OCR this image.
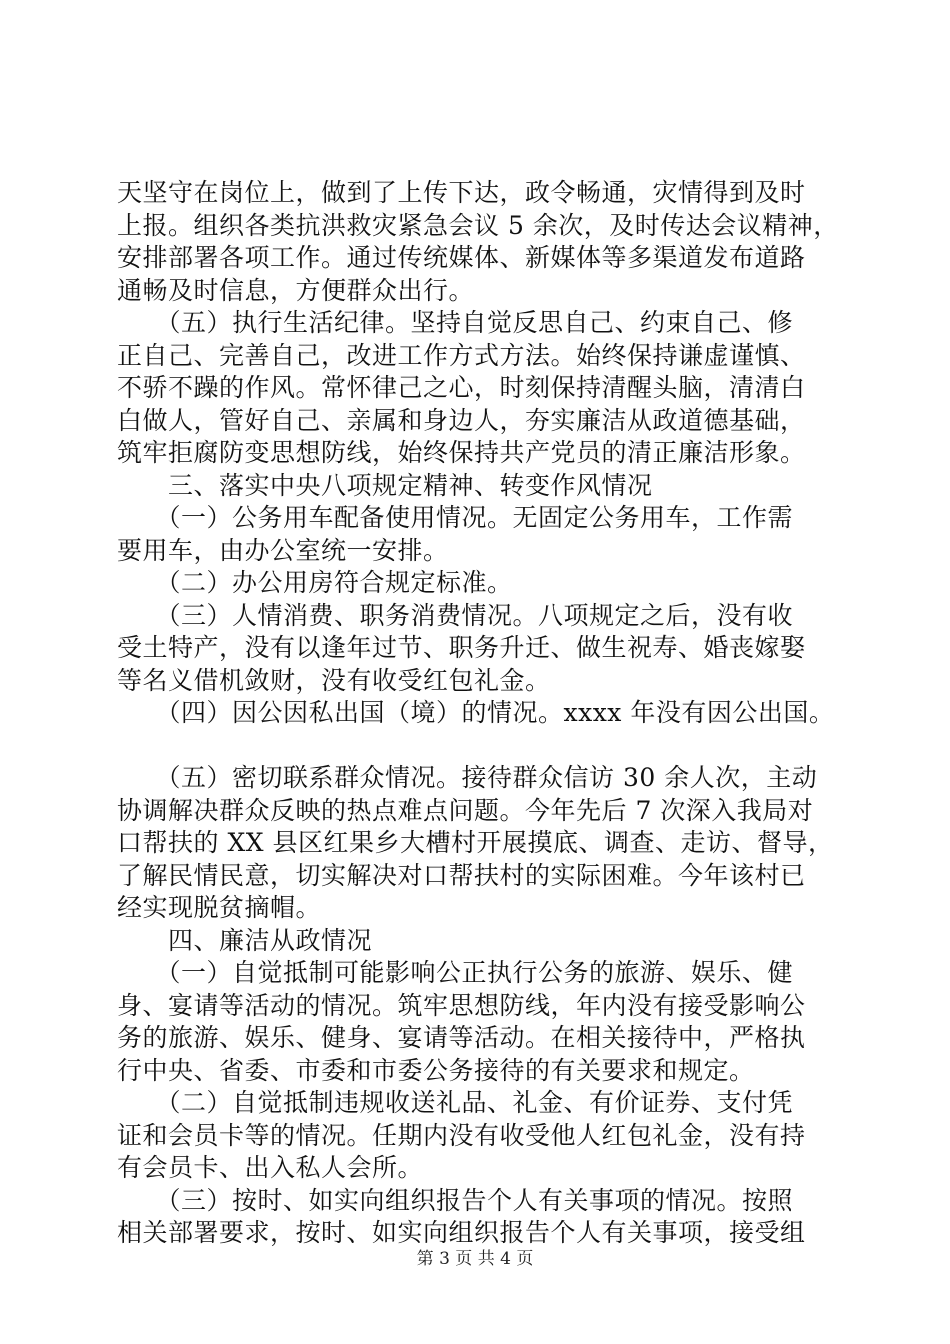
天坚守在岗位上，做到了上传下达，政令畅通，灾情得到及时
上报。组织各类抗洪救灾紧急会议 5 余次，及时传达会议精神，
安排部署各项工作。通过传统媒体、新媒体等多渠道发布道路
通畅及时信息，方便群众出行。
　　（五）执行生活纪律。坚持自觉反思自己、约束自己、修
正自己、完善自己，改进工作方式方法。始终保持谦虚谨慎、
不骄不躁的作风。常怀律己之心，时刻保持清醒头脑，清清白
白做人，管好自己、亲属和身边人，夯实廉洁从政道德基础，
筑牢拒腐防变思想防线，始终保持共产党员的清正廉洁形象。
　　三、落实中央八项规定精神、转变作风情况
　　（一）公务用车配备使用情况。无固定公务用车，工作需
要用车，由办公室统一安排。
　　（二）办公用房符合规定标准。
　　（三）人情消费、职务消费情况。八项规定之后，没有收
受土特产，没有以逢年过节、职务升迁、做生祝寿、婚丧嫁娶
等名义借机敛财，没有收受红包礼金。
　　（四）因公因私出国（境）的情况。xxxx 年没有因公出国。
　　（五）密切联系群众情况。接待群众信访 30 余人次，主动
协调解决群众反映的热点难点问题。今年先后 7 次深入我局对
口帮扶的 XX 县区红果乡大槽村开展摸底、调查、走访、督导，
了解民情民意，切实解决对口帮扶村的实际困难。今年该村已
经实现脱贫摘帽。
　　四、廉洁从政情况
　　（一）自觉抵制可能影响公正执行公务的旅游、娱乐、健
身、宴请等活动的情况。筑牢思想防线，年内没有接受影响公
务的旅游、娱乐、健身、宴请等活动。在相关接待中，严格执
行中央、省委、市委和市委公务接待的有关要求和规定。
　　（二）自觉抵制违规收送礼品、礼金、有价证券、支付凭
证和会员卡等的情况。任期内没有收受他人红包礼金，没有持
有会员卡、出入私人会所。
　　（三）按时、如实向组织报告个人有关事项的情况。按照
相关部署要求，按时、如实向组织报告个人有关事项，接受组
第 3 页 共 4 页
